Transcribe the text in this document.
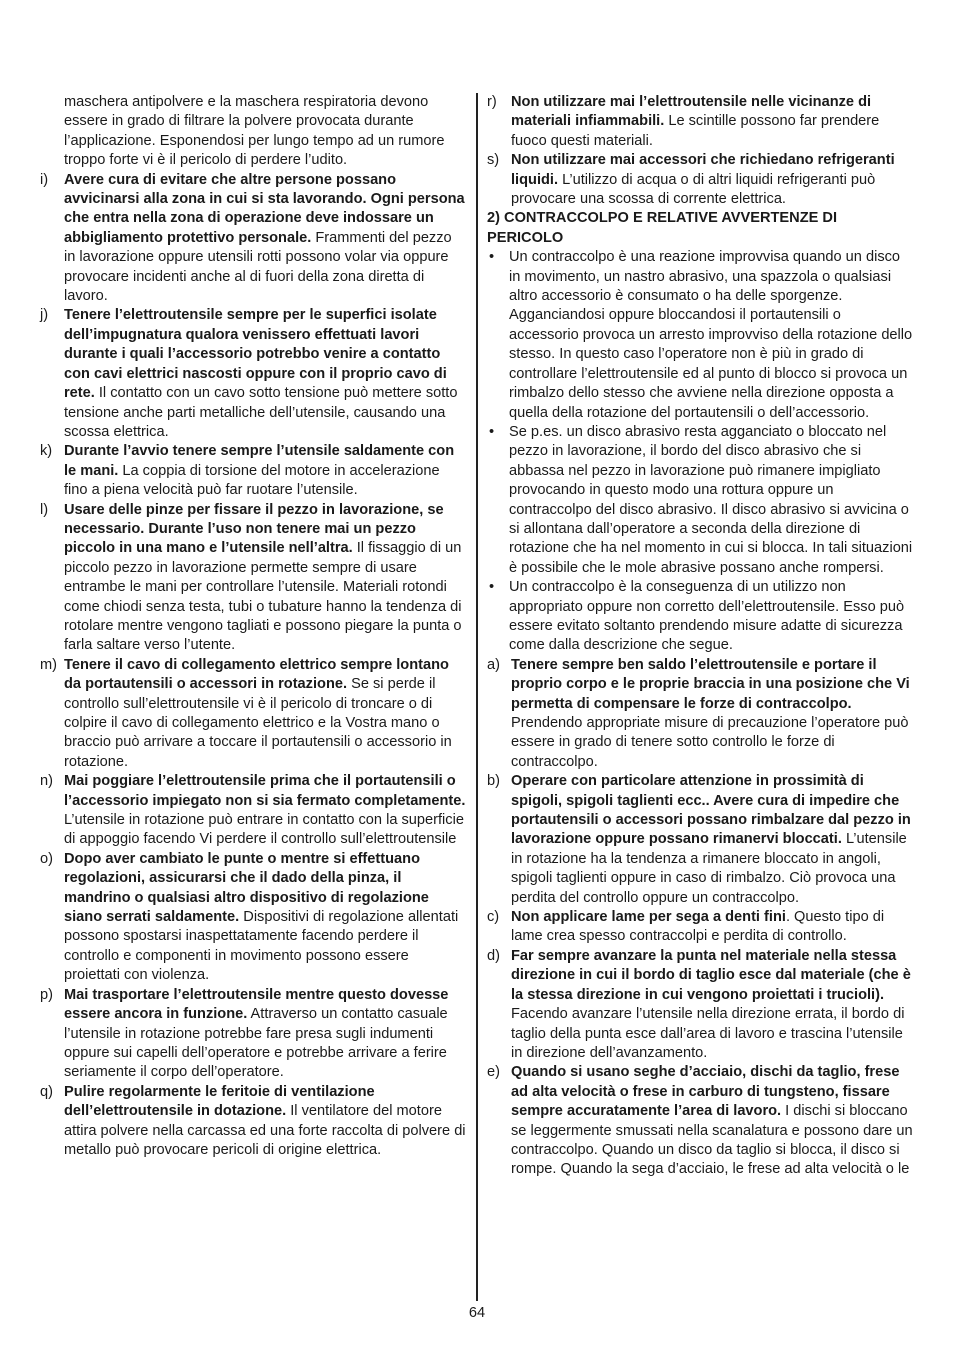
maschera antipolvere e la maschera respiratoria devono essere in grado di filtrare la polvere provocata durante l’applicazione. Esponendosi per lungo tempo ad un rumore troppo forte vi è il pericolo di perdere l’udito.
i)	Avere cura di evitare che altre persone possano avvicinarsi alla zona in cui si sta lavorando. Ogni persona che entra nella zona di operazione deve indossare un abbigliamento protettivo personale. Frammenti del pezzo in lavorazione oppure utensili rotti possono volar via oppure provocare incidenti anche al di fuori della zona diretta di lavoro.
j)	Tenere l’elettroutensile sempre per le superfici isolate dell’impugnatura qualora venissero effettuati lavori durante i quali l’accessorio potrebbo venire a contatto con cavi elettrici nascosti oppure con il proprio cavo di rete. Il contatto con un cavo sotto tensione può mettere sotto tensione anche parti metalliche dell’utensile, causando una scossa elettrica.
k) Durante l’avvio tenere sempre l’utensile saldamente con le mani. La coppia di torsione del motore in accelerazione fino a piena velocità può far ruotare l’utensile.
l)	Usare delle pinze per fissare il pezzo in lavorazione, se necessario. Durante l’uso non tenere mai un pezzo piccolo in una mano e l’utensile nell’altra. Il fissaggio di un piccolo pezzo in lavorazione permette sempre di usare entrambe le mani per controllare l’utensile. Materiali rotondi come chiodi senza testa, tubi o tubature hanno la tendenza di rotolare mentre vengono tagliati e possono piegare la punta o farla saltare verso l’utente.
m) Tenere il cavo di collegamento elettrico sempre lontano da portautensili o accessori in rotazione. Se si perde il controllo sull’elettroutensile vi è il pericolo di troncare o di colpire il cavo di collegamento elettrico e la Vostra mano o braccio può arrivare a toccare il portautensili o accessorio in rotazione.
n) Mai poggiare l’elettroutensile prima che il portautensili o l’accessorio impiegato non si sia fermato completamente. L’utensile in rotazione può entrare in contatto con la superficie di appoggio facendo Vi perdere il controllo sull’elettroutensile
o) Dopo aver cambiato le punte o mentre si effettuano regolazioni, assicurarsi che il dado della pinza, il mandrino o qualsiasi altro dispositivo di regolazione siano serrati saldamente. Dispositivi di regolazione allentati possono spostarsi inaspettatamente facendo perdere il controllo e componenti in movimento possono essere proiettati con violenza.
p) Mai trasportare l’elettroutensile mentre questo dovesse essere ancora in funzione. Attraverso un contatto casuale l’utensile in rotazione potrebbe fare presa sugli indumenti oppure sui capelli dell’operatore e potrebbe arrivare a ferire seriamente il corpo dell’operatore.
q) Pulire regolarmente le feritoie di ventilazione dell’elettroutensile in dotazione. Il ventilatore del motore attira polvere nella carcassa ed una forte raccolta di polvere di metallo può provocare pericoli di origine elettrica.
r) Non utilizzare mai l’elettroutensile nelle vicinanze di materiali infiammabili. Le scintille possono far prendere fuoco questi materiali.
s) Non utilizzare mai accessori che richiedano refrigeranti liquidi. L’utilizzo di acqua o di altri liquidi refrigeranti può provocare una scossa di corrente elettrica.
2) CONTRACCOLPO E RELATIVE AVVERTENZE DI PERICOLO
• Un contraccolpo è una reazione improvvisa quando un disco in movimento, un nastro abrasivo, una spazzola o qualsiasi altro accessorio è consumato o ha delle sporgenze. Agganciandosi oppure bloccandosi il portautensili o accessorio provoca un arresto improvviso della rotazione dello stesso. In questo caso l’operatore non è più in grado di controllare l’elettroutensile ed al punto di blocco si provoca un rimbalzo dello stesso che avviene nella direzione opposta a quella della rotazione del portautensili o dell’accessorio.
• Se p.es. un disco abrasivo resta agganciato o bloccato nel pezzo in lavorazione, il bordo del disco abrasivo che si abbassa nel pezzo in lavorazione può rimanere impigliato provocando in questo modo una rottura oppure un contraccolpo del disco abrasivo. Il disco abrasivo si avvicina o si allontana dall’operatore a seconda della direzione di rotazione che ha nel momento in cui si blocca. In tali situazioni è possibile che le mole abrasive possano anche rompersi.
• Un contraccolpo è la conseguenza di un utilizzo non appropriato oppure non corretto dell’elettroutensile. Esso può essere evitato soltanto prendendo misure adatte di sicurezza come dalla descrizione che segue.
a) Tenere sempre ben saldo l’elettroutensile e portare il proprio corpo e le proprie braccia in una posizione che Vi permetta di compensare le forze di contraccolpo. Prendendo appropriate misure di precauzione l’operatore può essere in grado di tenere sotto controllo le forze di contraccolpo.
b) Operare con particolare attenzione in prossimità di spigoli, spigoli taglienti ecc.. Avere cura di impedire che portautensili o accessori possano rimbalzare dal pezzo in lavorazione oppure possano rimanervi bloccati. L’utensile in rotazione ha la tendenza a rimanere bloccato in angoli, spigoli taglienti oppure in caso di rimbalzo. Ciò provoca una perdita del controllo oppure un contraccolpo.
c) Non applicare lame per sega a denti fini. Questo tipo di lame crea spesso contraccolpi e perdita di controllo.
d) Far sempre avanzare la punta nel materiale nella stessa direzione in cui il bordo di taglio esce dal materiale (che è la stessa direzione in cui vengono proiettati i trucioli). Facendo avanzare l’utensile nella direzione errata, il bordo di taglio della punta esce dall’area di lavoro e trascina l’utensile in direzione dell’avanzamento.
e) Quando si usano seghe d’acciaio, dischi da taglio, frese ad alta velocità o frese in carburo di tungsteno, fissare sempre accuratamente l’area di lavoro. I dischi si bloccano se leggermente smussati nella scanalatura e possono dare un contraccolpo. Quando un disco da taglio si blocca, il disco si rompe. Quando la sega d’acciaio, le frese ad alta velocità o le
64
